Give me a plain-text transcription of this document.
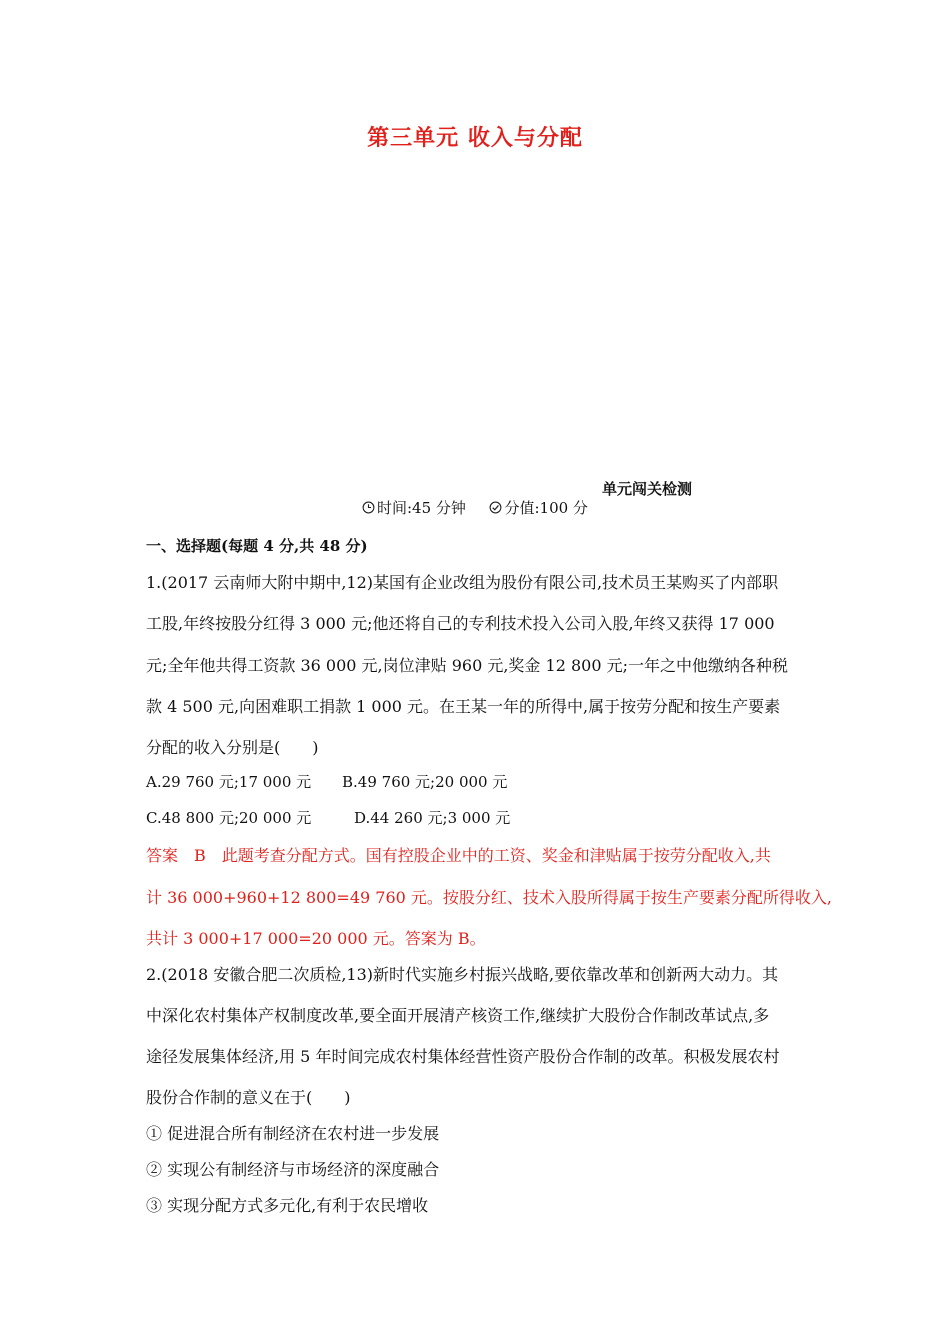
第三单元 收入与分配
单元闯关检测
时间:45 分钟	分值:100 分
一、选择题(每题 4 分,共 48 分)
1.(2017 云南师大附中期中,12)某国有企业改组为股份有限公司,技术员王某购买了内部职
工股,年终按股分红得 3 000 元;他还将自己的专利技术投入公司入股,年终又获得 17 000
元;全年他共得工资款 36 000 元,岗位津贴 960 元,奖金 12 800 元;一年之中他缴纳各种税
款 4 500 元,向困难职工捐款 1 000 元。在王某一年的所得中,属于按劳分配和按生产要素
分配的收入分别是(　　)
A.29 760 元;17 000 元 B.49 760 元;20 000 元
C.48 800 元;20 000 元	D.44 260 元;3 000 元
答案　B　此题考查分配方式。国有控股企业中的工资、奖金和津贴属于按劳分配收入,共
计 36 000+960+12 800=49 760 元。按股分红、技术入股所得属于按生产要素分配所得收入,
共计 3 000+17 000=20 000 元。答案为 B。
2.(2018 安徽合肥二次质检,13)新时代实施乡村振兴战略,要依靠改革和创新两大动力。其
中深化农村集体产权制度改革,要全面开展清产核资工作,继续扩大股份合作制改革试点,多
途径发展集体经济,用 5 年时间完成农村集体经营性资产股份合作制的改革。积极发展农村
股份合作制的意义在于(　　)
① 促进混合所有制经济在农村进一步发展
② 实现公有制经济与市场经济的深度融合
③ 实现分配方式多元化,有利于农民增收
